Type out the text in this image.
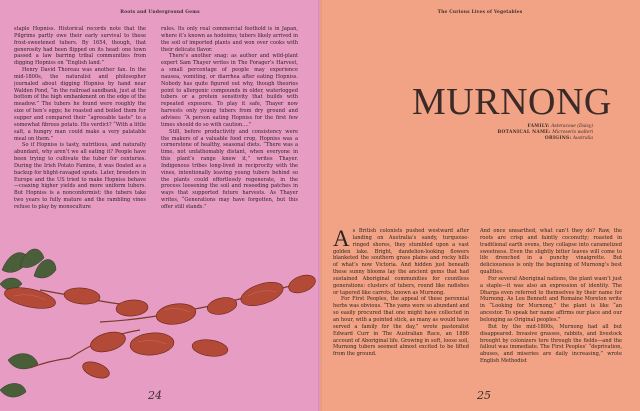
Roots and Underground Gems

staple Hopniss. Historical records note that the Pilgrims partly owe their early survival to these frost-sweetened tubers. By 1654, though, that generosity had been flipped on its head: one town passed a law barring tribal communities from digging Hopniss on “English land.”

Henry David Thoreau was another fan. In the mid-1800s, the naturalist and philosopher journaled about digging Hopniss by hand near Walden Pond, “in the railroad sandbank, just at the bottom of the high embankment on the edge of the meadow.” The tubers he found were roughly the size of hen’s eggs; he roasted and boiled them for supper and compared their “agreeable taste” to a somewhat fibrous potato. His verdict? “With a little salt, a hungry man could make a very palatable meal on them.”

So if Hopniss is tasty, nutritious, and naturally abundant, why aren’t we all eating it? People have been trying to cultivate the tuber for centuries. During the Irish Potato Famine, it was floated as a backup for blight-ravaged spuds. Later, breeders in Europe and the US tried to make Hopniss behave—coaxing higher yields and more uniform tubers. But Hopniss is a nonconformist: the tubers take two years to fully mature and the rambling vines refuse to play by monoculture

rules. Its only real commercial foothold is in Japan, where it’s known as hodoimo; tubers likely arrived in the soil of imported plants and won over cooks with their delicate flavor.

There’s another snag: as author and wild-plant expert Sam Thayer writes in The Forager’s Harvest, a small percentage of people may experience nausea, vomiting, or diarrhea after eating Hopniss. Nobody has quite figured out why, though theories point to allergenic compounds in older, waterlogged tubers or a protein sensitivity that builds with repeated exposure. To play it safe, Thayer now harvests only young tubers from dry ground and advises: “A person eating Hopniss for the first few times should do so with caution….”

Still, before productivity and consistency were the makers of a valuable food crop, Hopniss was a cornerstone of healthy, seasonal diets. “There was a time, not unfathomably distant, when everyone in this plant’s range knew it,” writes Thayer. Indigenous tribes long-lived in reciprocity with the vines, intentionally leaving young tubers behind so the plants could effortlessly regenerate, in the process loosening the soil and reseeding patches in ways that supported future harvests. As Thayer writes, “Generations may have forgotten, but this offer still stands.”

24
The Curious Lives of Vegetables
MURNONG
FAMILY: Asteraceae (Daisy)
BOTANICAL NAME: Microseris walteri
ORIGINS: Australia

As British colonists pushed westward after landing on Australia’s sandy, turquoise-ringed shores, they stumbled upon a vast golden lake. Bright, dandelion-looking flowers blanketed the southern grass plains and rocky hills of what’s now Victoria. And hidden just beneath these sunny blooms lay the ancient gems that had sustained Aboriginal communities for countless generations: clusters of tubers, round like radishes or tapered like carrots, known as Murnong.

For First Peoples, the appeal of these perennial herbs was obvious. “The yams were so abundant and so easily procured that one might have collected in an hour, with a pointed stick, as many as would have served a family for the day,” wrote pastoralist Edward Curr in The Australian Race, an 1886 account of Aboriginal life. Growing in soft, loose soil, Murnong tubers seemed almost excited to be lifted from the ground.

And once unearthed, what can’t they do? Raw, the roots are crisp and faintly coconutty; roasted in traditional earth ovens, they collapse into caramelized sweetness. Even the slightly bitter leaves will come to life drenched in a punchy vinaigrette. But deliciousness is only the beginning of Murnong’s best qualities.

For several Aboriginal nations, the plant wasn’t just a staple—it was also an expression of identity. The Dharga even referred to themselves by their name for Murnong. As Lou Bennett and Romaine Moreton write in “Looking for Murnong,” the plant is like “an ancestor. To speak her name affirms our place and our belonging as Original peoples.”

But by the mid-1800s, Murnong had all but disappeared. Invasive grasses, rabbits, and livestock brought by colonizers tore through the fields—and the fallout was immediate. The First Peoples’ “deprivation, abuses, and miseries are daily increasing,” wrote English Methodist

25
